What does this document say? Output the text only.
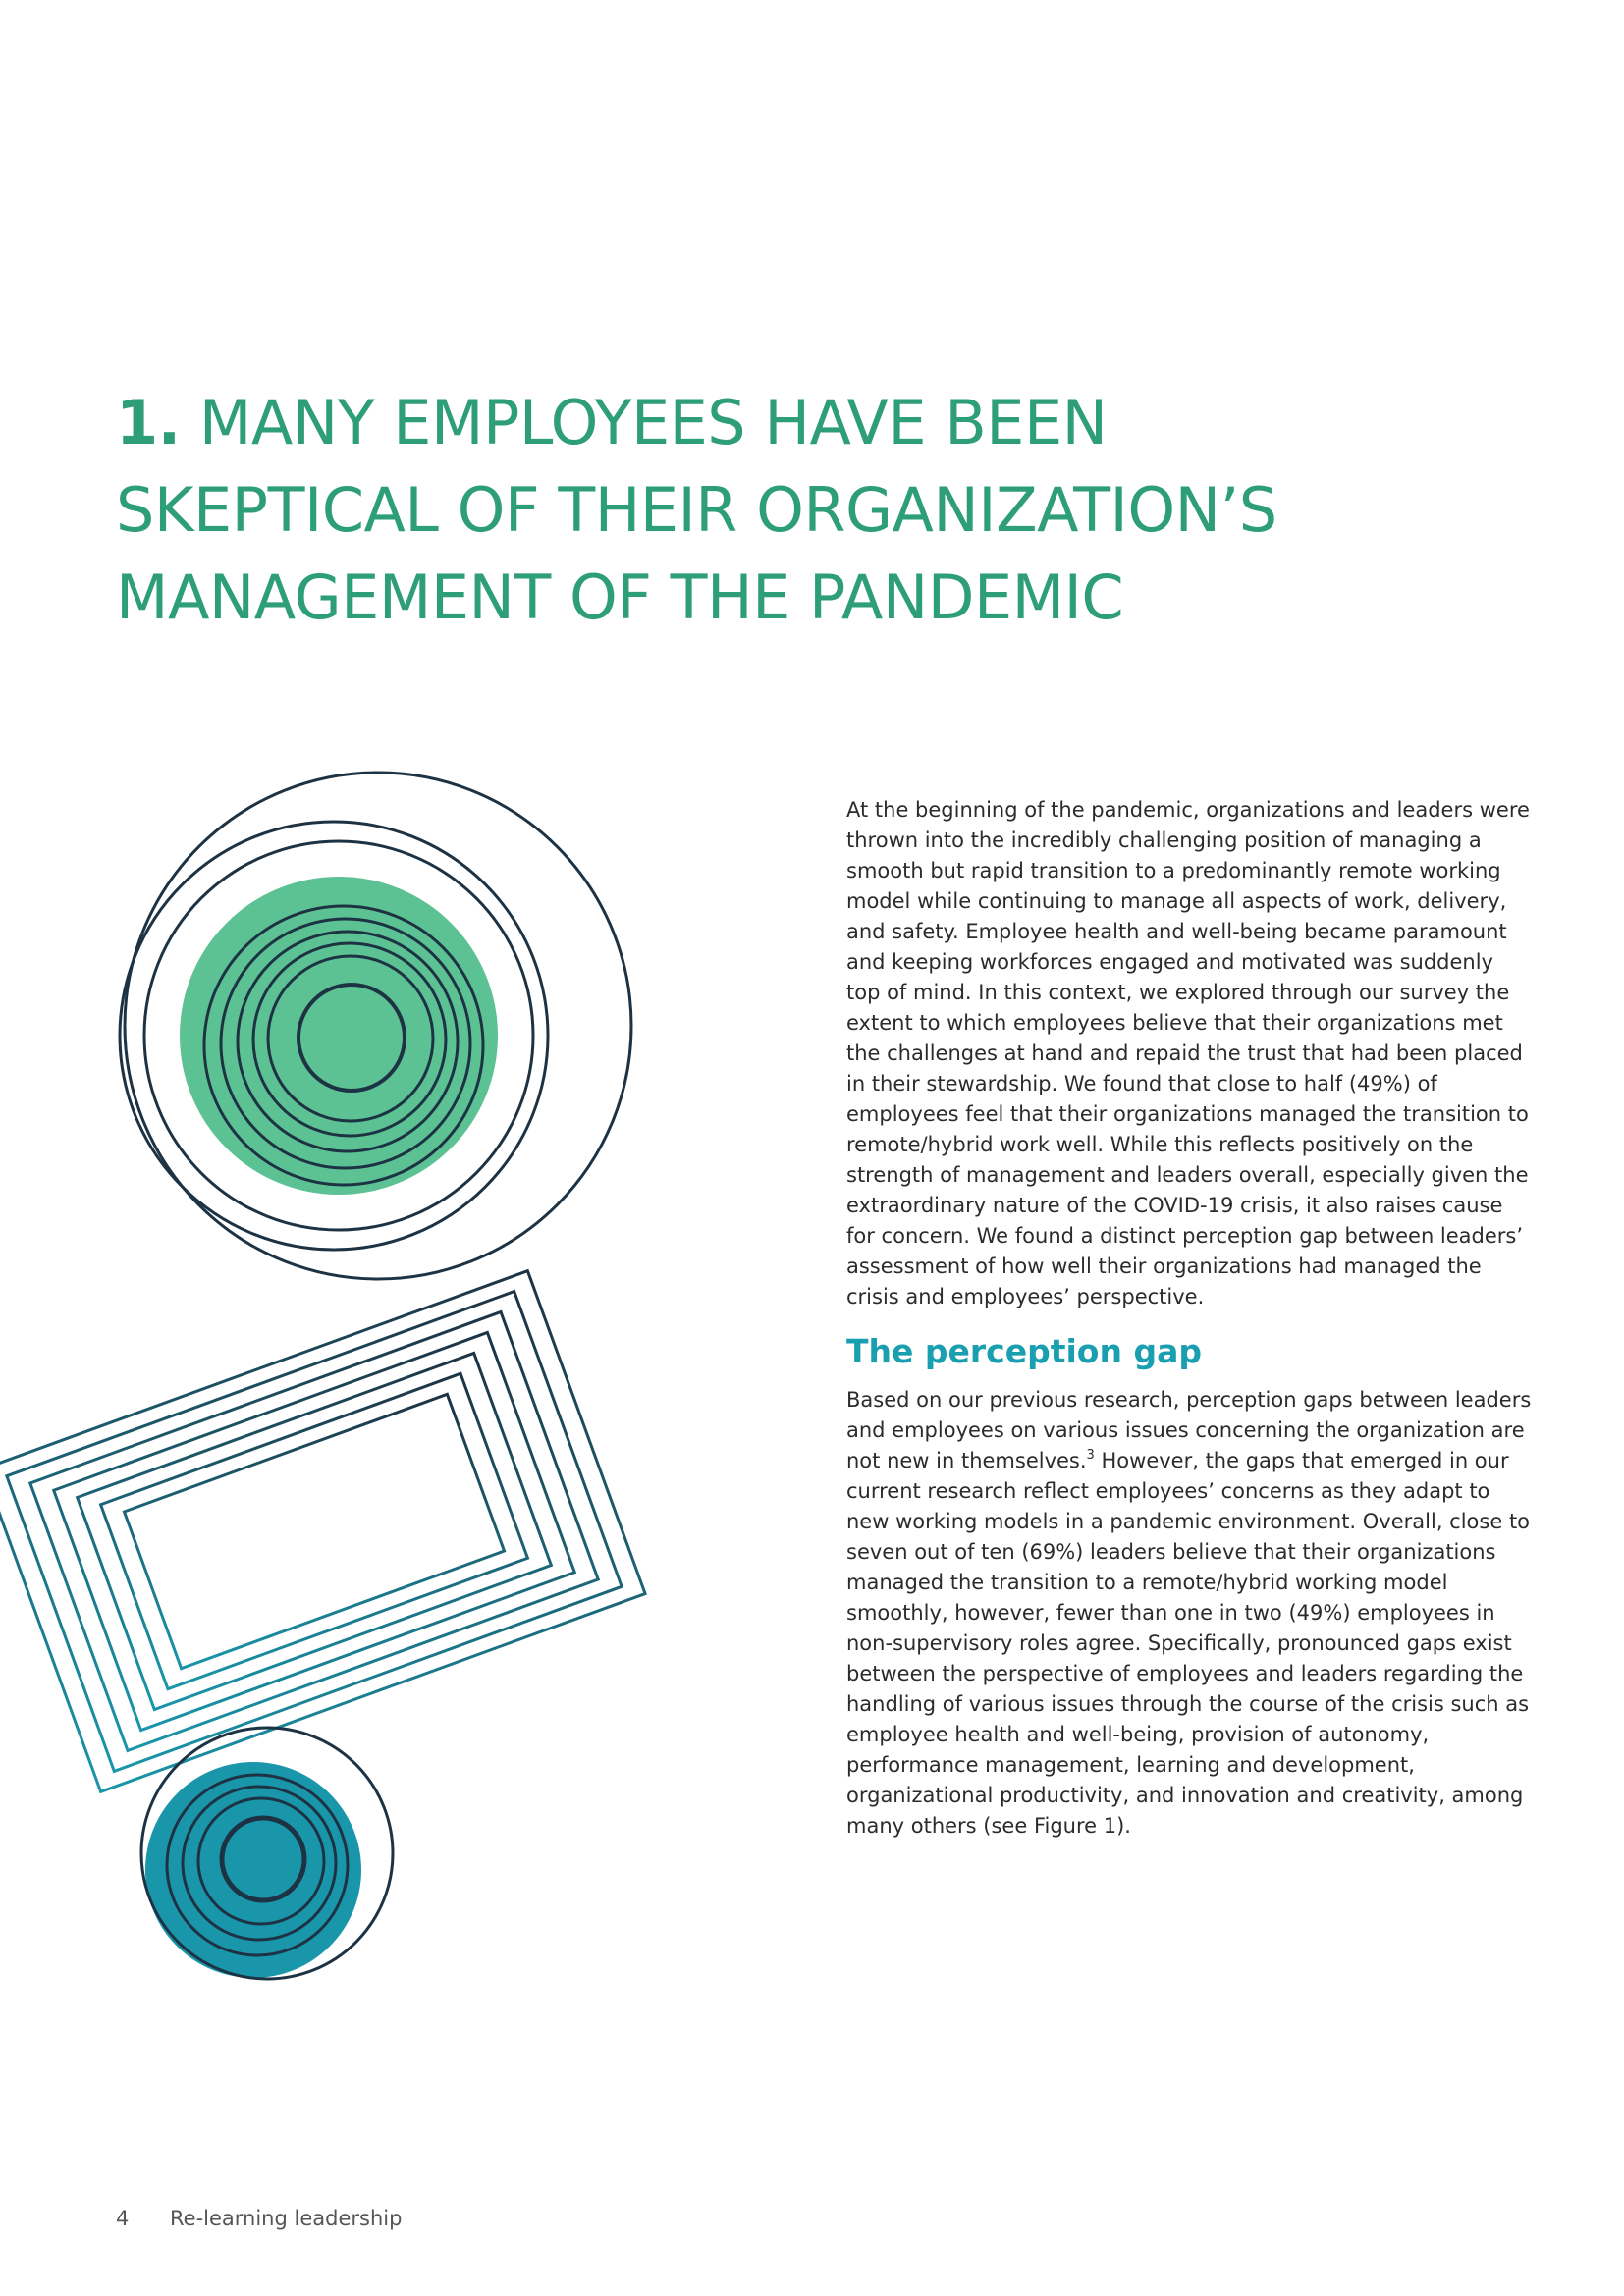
1. MANY EMPLOYEES HAVE BEEN
SKEPTICAL OF THEIR ORGANIZATION’S
MANAGEMENT OF THE PANDEMIC

At the beginning of the pandemic, organizations and leaders were thrown into the incredibly challenging position of managing a smooth but rapid transition to a predominantly remote working model while continuing to manage all aspects of work, delivery, and safety. Employee health and well-being became paramount and keeping workforces engaged and motivated was suddenly top of mind. In this context, we explored through our survey the extent to which employees believe that their organizations met the challenges at hand and repaid the trust that had been placed in their stewardship. We found that close to half (49%) of employees feel that their organizations managed the transition to remote/hybrid work well. While this reflects positively on the strength of management and leaders overall, especially given the extraordinary nature of the COVID-19 crisis, it also raises cause for concern. We found a distinct perception gap between leaders’ assessment of how well their organizations had managed the crisis and employees’ perspective.

The perception gap

Based on our previous research, perception gaps between leaders and employees on various issues concerning the organization are not new in themselves.$^3$ However, the gaps that emerged in our current research reflect employees’ concerns as they adapt to new working models in a pandemic environment. Overall, close to seven out of ten (69%) leaders believe that their organizations managed the transition to a remote/hybrid working model smoothly, however, fewer than one in two (49%) employees in non-supervisory roles agree. Specifically, pronounced gaps exist between the perspective of employees and leaders regarding the handling of various issues through the course of the crisis such as employee health and well-being, provision of autonomy, performance management, learning and development, organizational productivity, and innovation and creativity, among many others (see Figure 1).

4 Re-learning leadership
